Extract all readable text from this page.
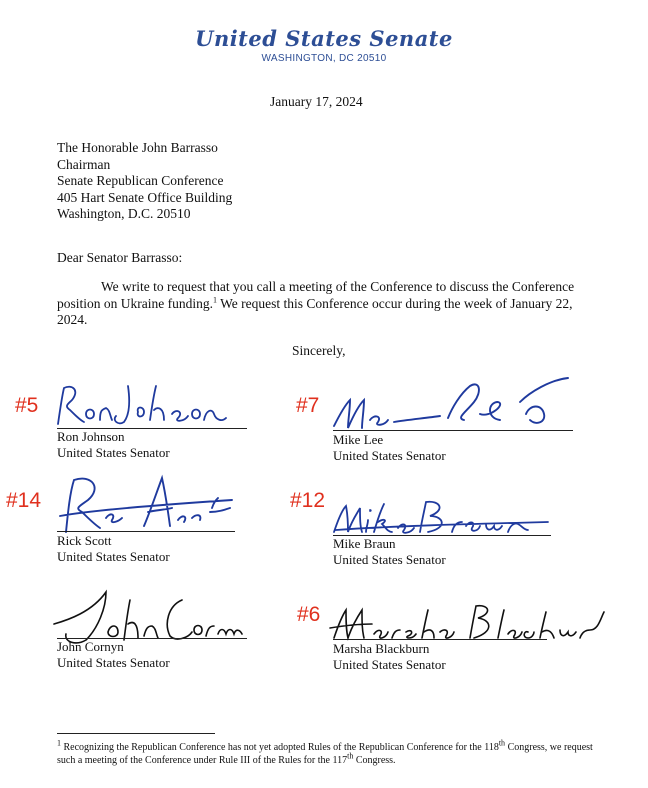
United States Senate
WASHINGTON, DC 20510
January 17, 2024
The Honorable John Barrasso
Chairman
Senate Republican Conference
405 Hart Senate Office Building
Washington, D.C. 20510
Dear Senator Barrasso:
We write to request that you call a meeting of the Conference to discuss the Conference position on Ukraine funding.$^1$ We request this Conference occur during the week of January 22, 2024.
Sincerely,
#5	#7
#14	#12
#6
Ron Johnson
United States Senator
Mike Lee
United States Senator
Rick Scott
United States Senator
Mike Braun
United States Senator
John Cornyn
United States Senator
Marsha Blackburn
United States Senator
$^1$ Recognizing the Republican Conference has not yet adopted Rules of the Republican Conference for the 118th Congress, we request such a meeting of the Conference under Rule III of the Rules for the 117th Congress.
